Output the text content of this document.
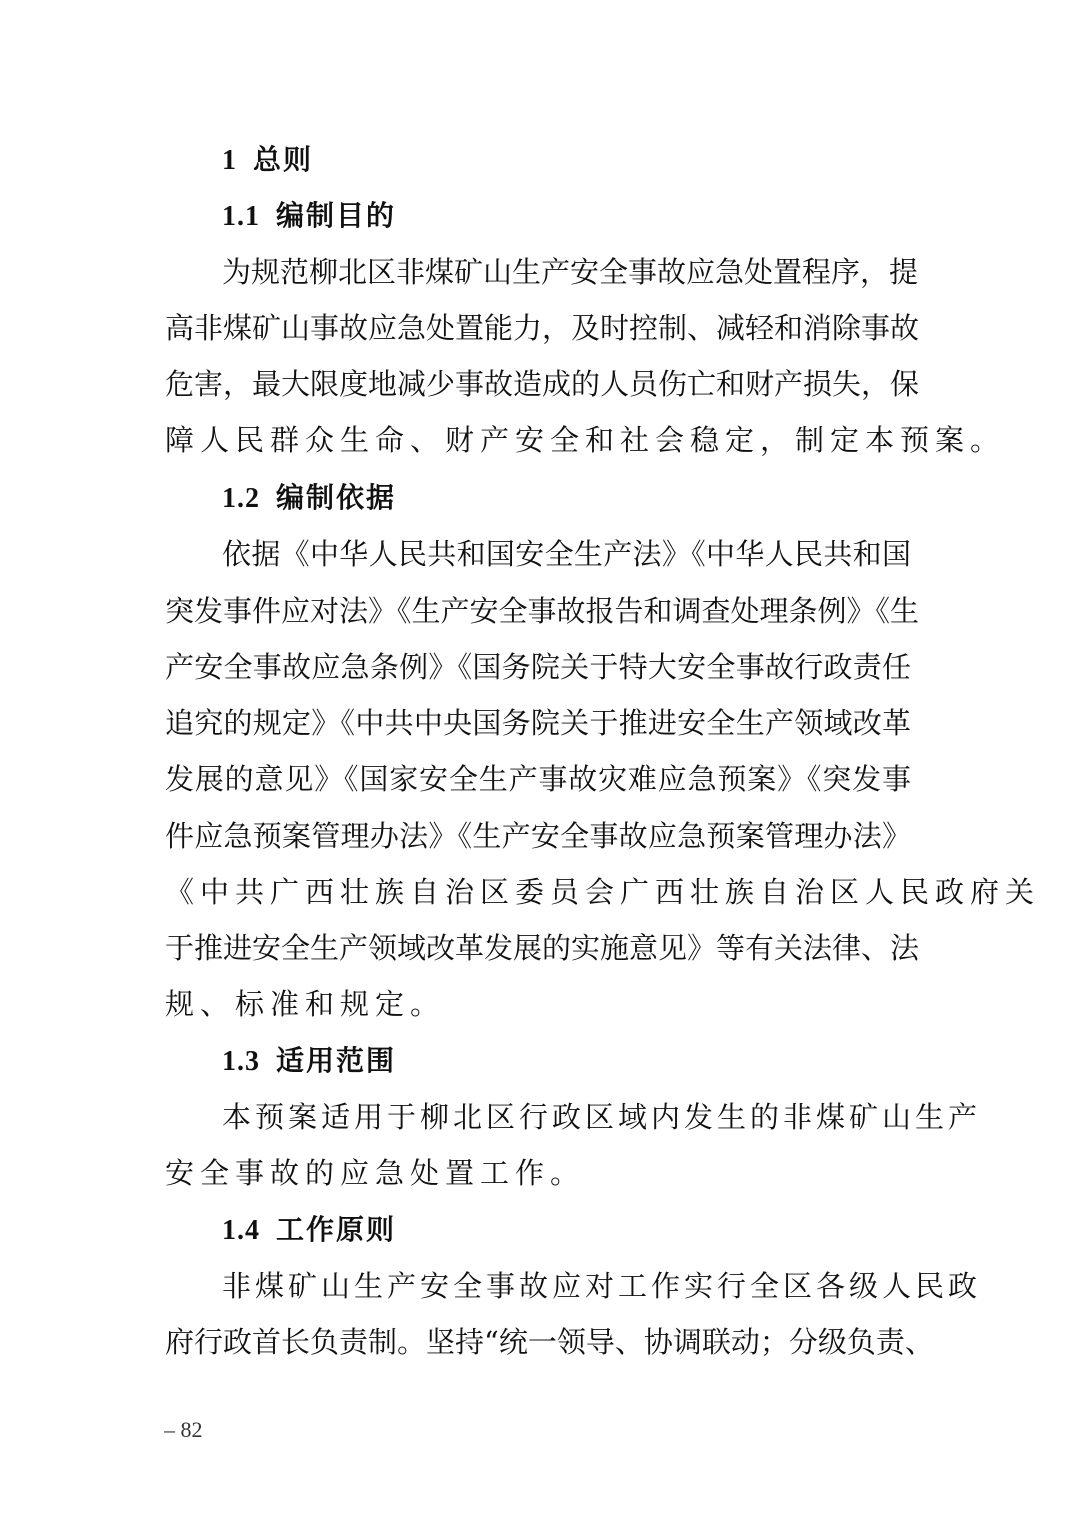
1 总则
1.1 编制目的
为规范柳北区非煤矿山生产安全事故应急处置程序，提
高非煤矿山事故应急处置能力，及时控制、减轻和消除事故
危害，最大限度地减少事故造成的人员伤亡和财产损失，保
障人民群众生命、财产安全和社会稳定，制定本预案。
1.2 编制依据
依据《中华人民共和国安全生产法》《中华人民共和国
突发事件应对法》《生产安全事故报告和调查处理条例》《生
产安全事故应急条例》《国务院关于特大安全事故行政责任
追究的规定》《中共中央国务院关于推进安全生产领域改革
发展的意见》《国家安全生产事故灾难应急预案》《突发事
件应急预案管理办法》《生产安全事故应急预案管理办法》
《中共广西壮族自治区委员会广西壮族自治区人民政府关
于推进安全生产领域改革发展的实施意见》等有关法律、法
规、标准和规定。
1.3 适用范围
本预案适用于柳北区行政区域内发生的非煤矿山生产
安全事故的应急处置工作。
1.4 工作原则
非煤矿山生产安全事故应对工作实行全区各级人民政
府行政首长负责制。坚持“统一领导、协调联动；分级负责、
– 82
